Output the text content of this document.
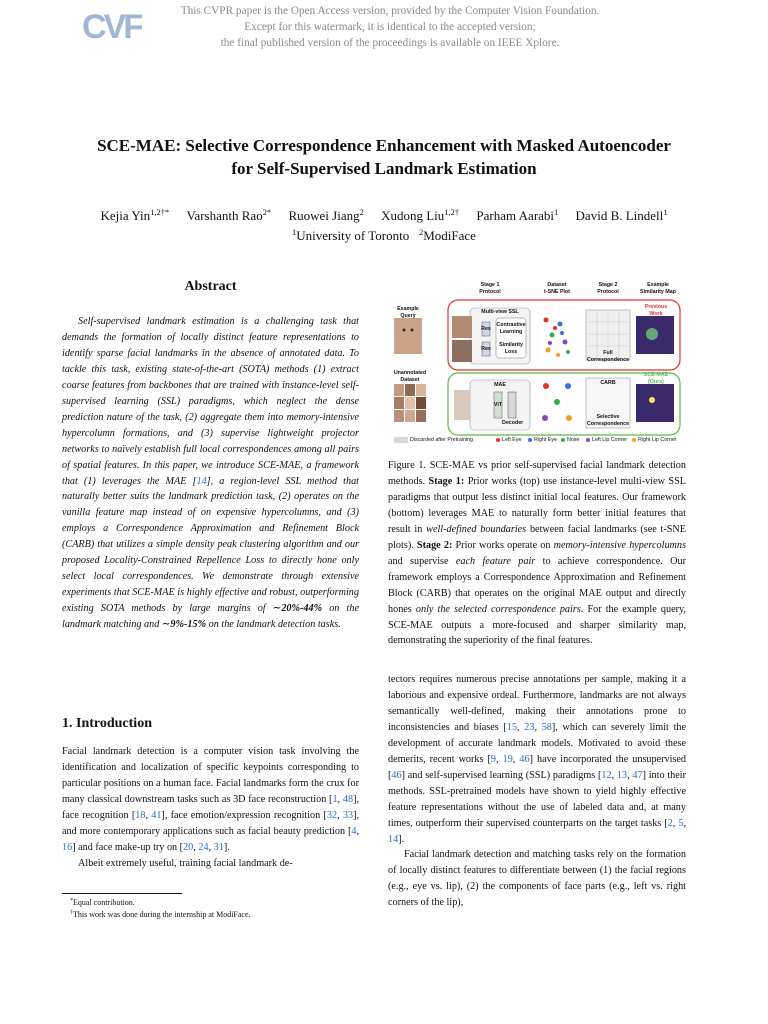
CVF	This CVPR paper is the Open Access version, provided by the Computer Vision Foundation.
Except for this watermark, it is identical to the accepted version;
the final published version of the proceedings is available on IEEE Xplore.
SCE-MAE: Selective Correspondence Enhancement with Masked Autoencoder
for Self-Supervised Landmark Estimation
Kejia Yin$^{1,2\dagger*}$ Varshanth Rao$^{2*}$ Ruowei Jiang$^2$ Xudong Liu$^{1,2\dagger}$ Parham Aarabi$^1$ David B. Lindell$^1$
$^1$University of Toronto $^2$ModiFace
Abstract
Self-supervised landmark estimation is a challenging task that demands the formation of locally distinct feature representations to identify sparse facial landmarks in the absence of annotated data. To tackle this task, existing state-of-the-art (SOTA) methods (1) extract coarse features from backbones that are trained with instance-level self-supervised learning (SSL) paradigms, which neglect the dense prediction nature of the task, (2) aggregate them into memory-intensive hypercolumn formations, and (3) supervise lightweight projector networks to naïvely establish full local correspondences among all pairs of spatial features. In this paper, we introduce SCE-MAE, a framework that (1) leverages the MAE [14], a region-level SSL method that naturally better suits the landmark prediction task, (2) operates on the vanilla feature map instead of on expensive hypercolumns, and (3) employs a Correspondence Approximation and Refinement Block (CARB) that utilizes a simple density peak clustering algorithm and our proposed Locality-Constrained Repellence Loss to directly hone only select local correspondences. We demonstrate through extensive experiments that SCE-MAE is highly effective and robust, outperforming existing SOTA methods by large margins of ∼20%-44% on the landmark matching and ∼9%-15% on the landmark detection tasks.
1. Introduction

Facial landmark detection is a computer vision task involving the identification and localization of specific keypoints corresponding to particular positions on a human face. Facial landmarks form the crux for many classical downstream tasks such as 3D face reconstruction [1, 48], face recognition [18, 41], face emotion/expression recognition [32, 33], and more contemporary applications such as facial beauty prediction [4, 16] and face make-up try on [20, 24, 31].

Albeit extremely useful, training facial landmark de-

*Equal contribution.
†This work was done during the internship at ModiFace.
Stage 1
Protocol
Dataset
t-SNE Plot
Stage 2
Protocol
Example
Similarity Map
Example
Query
Unannotated
Dataset
Multi-view SSL
Contrastive
Learning
Similarity
Loss
Res
Res
MAE
ViT
Decoder
Full
Correspondence
CARB
Selective
Correspondence
Previous
Work
SCE-MAE
(Ours)
Discarded after Pretraining	Left Eye	Right Eye	Nose	Left Lip Corner	Right Lip Corner
Figure 1. SCE-MAE vs prior self-supervised facial landmark detection methods. Stage 1: Prior works (top) use instance-level multi-view SSL paradigms that output less distinct initial local features. Our framework (bottom) leverages MAE to naturally form better initial features that result in well-defined boundaries between facial landmarks (see t-SNE plots). Stage 2: Prior works operate on memory-intensive hypercolumns and supervise each feature pair to achieve correspondence. Our framework employs a Correspondence Approximation and Refinement Block (CARB) that operates on the original MAE output and directly hones only the selected correspondence pairs. For the example query, SCE-MAE outputs a more-focused and sharper similarity map, demonstrating the superiority of the final features.

tectors requires numerous precise annotations per sample, making it a laborious and expensive ordeal. Furthermore, landmarks are not always semantically well-defined, making their annotations prone to inconsistencies and biases [15, 23, 58], which can severely limit the development of accurate landmark models. Motivated to avoid these demerits, recent works [9, 19, 46] have incorporated the unsupervised [46] and self-supervised learning (SSL) paradigms [12, 13, 47] into their methods. SSL-pretrained models have shown to yield highly effective feature representations without the use of labeled data and, at many times, outperform their supervised counterparts on the target tasks [2, 5, 14].

Facial landmark detection and matching tasks rely on the formation of locally distinct features to differentiate between (1) the facial regions (e.g., eye vs. lip), (2) the components of face parts (e.g., left vs. right corners of the lip),
